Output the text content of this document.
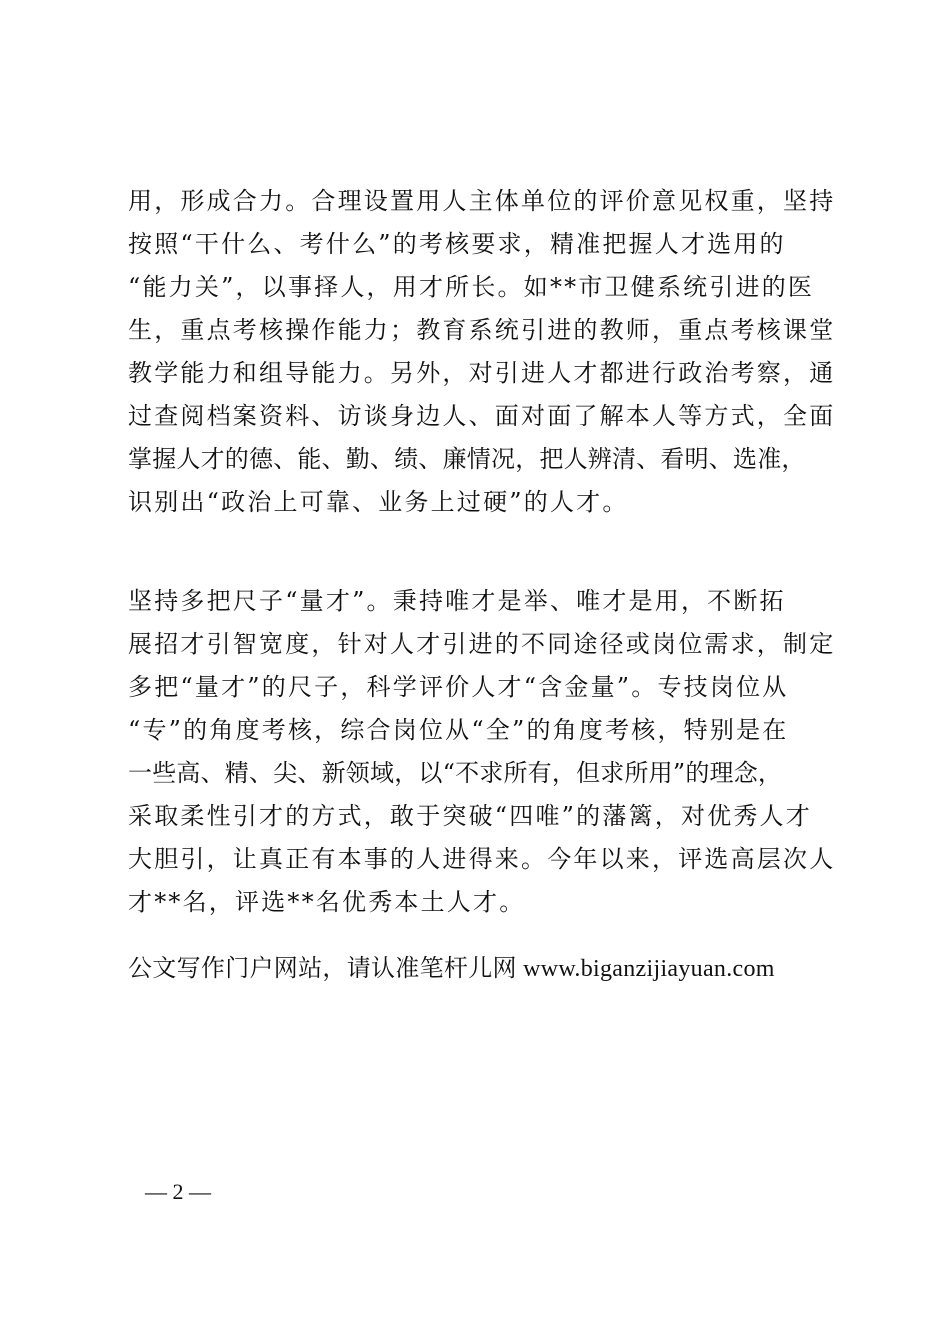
用，形成合力。合理设置用人主体单位的评价意见权重，坚持
按照“干什么、考什么”的考核要求，精准把握人才选用的
“能力关”，以事择人，用才所长。如**市卫健系统引进的医
生，重点考核操作能力；教育系统引进的教师，重点考核课堂
教学能力和组导能力。另外，对引进人才都进行政治考察，通
过查阅档案资料、访谈身边人、面对面了解本人等方式，全面
掌握人才的德、能、勤、绩、廉情况，把人辨清、看明、选准，
识别出“政治上可靠、业务上过硬”的人才。
坚持多把尺子“量才”。秉持唯才是举、唯才是用，不断拓
展招才引智宽度，针对人才引进的不同途径或岗位需求，制定
多把“量才”的尺子，科学评价人才“含金量”。专技岗位从
“专”的角度考核，综合岗位从“全”的角度考核，特别是在
一些高、精、尖、新领域，以“不求所有，但求所用”的理念，
采取柔性引才的方式，敢于突破“四唯”的藩篱，对优秀人才
大胆引，让真正有本事的人进得来。今年以来，评选高层次人
才**名，评选**名优秀本土人才。
公文写作门户网站，请认准笔杆儿网 www.biganzijiayuan.com
— 2 —
